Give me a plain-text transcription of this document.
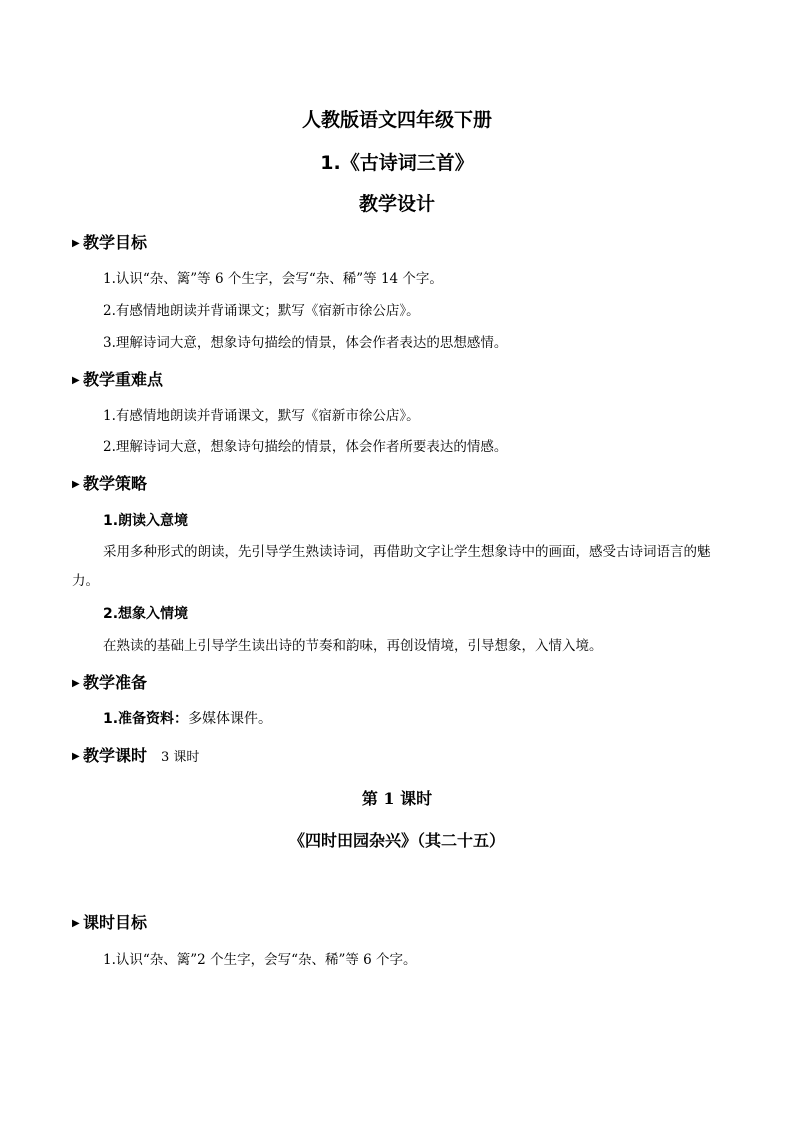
人教版语文四年级下册
1.《古诗词三首》
教学设计
▶ 教学目标
1.认识“杂、篱”等 6 个生字，会写“杂、稀”等 14 个字。
2.有感情地朗读并背诵课文；默写《宿新市徐公店》。
3.理解诗词大意，想象诗句描绘的情景，体会作者表达的思想感情。
▶ 教学重难点
1.有感情地朗读并背诵课文，默写《宿新市徐公店》。
2.理解诗词大意，想象诗句描绘的情景，体会作者所要表达的情感。
▶ 教学策略
1.朗读入意境
采用多种形式的朗读，先引导学生熟读诗词，再借助文字让学生想象诗中的画面，感受古诗词语言的魅力。
2.想象入情境
在熟读的基础上引导学生读出诗的节奏和韵味，再创设情境，引导想象，入情入境。
▶ 教学准备
1.准备资料：多媒体课件。
▶ 教学课时 3 课时
第 1 课时
《四时田园杂兴》（其二十五）
▶ 课时目标
1.认识“杂、篱”2 个生字，会写“杂、稀”等 6 个字。
